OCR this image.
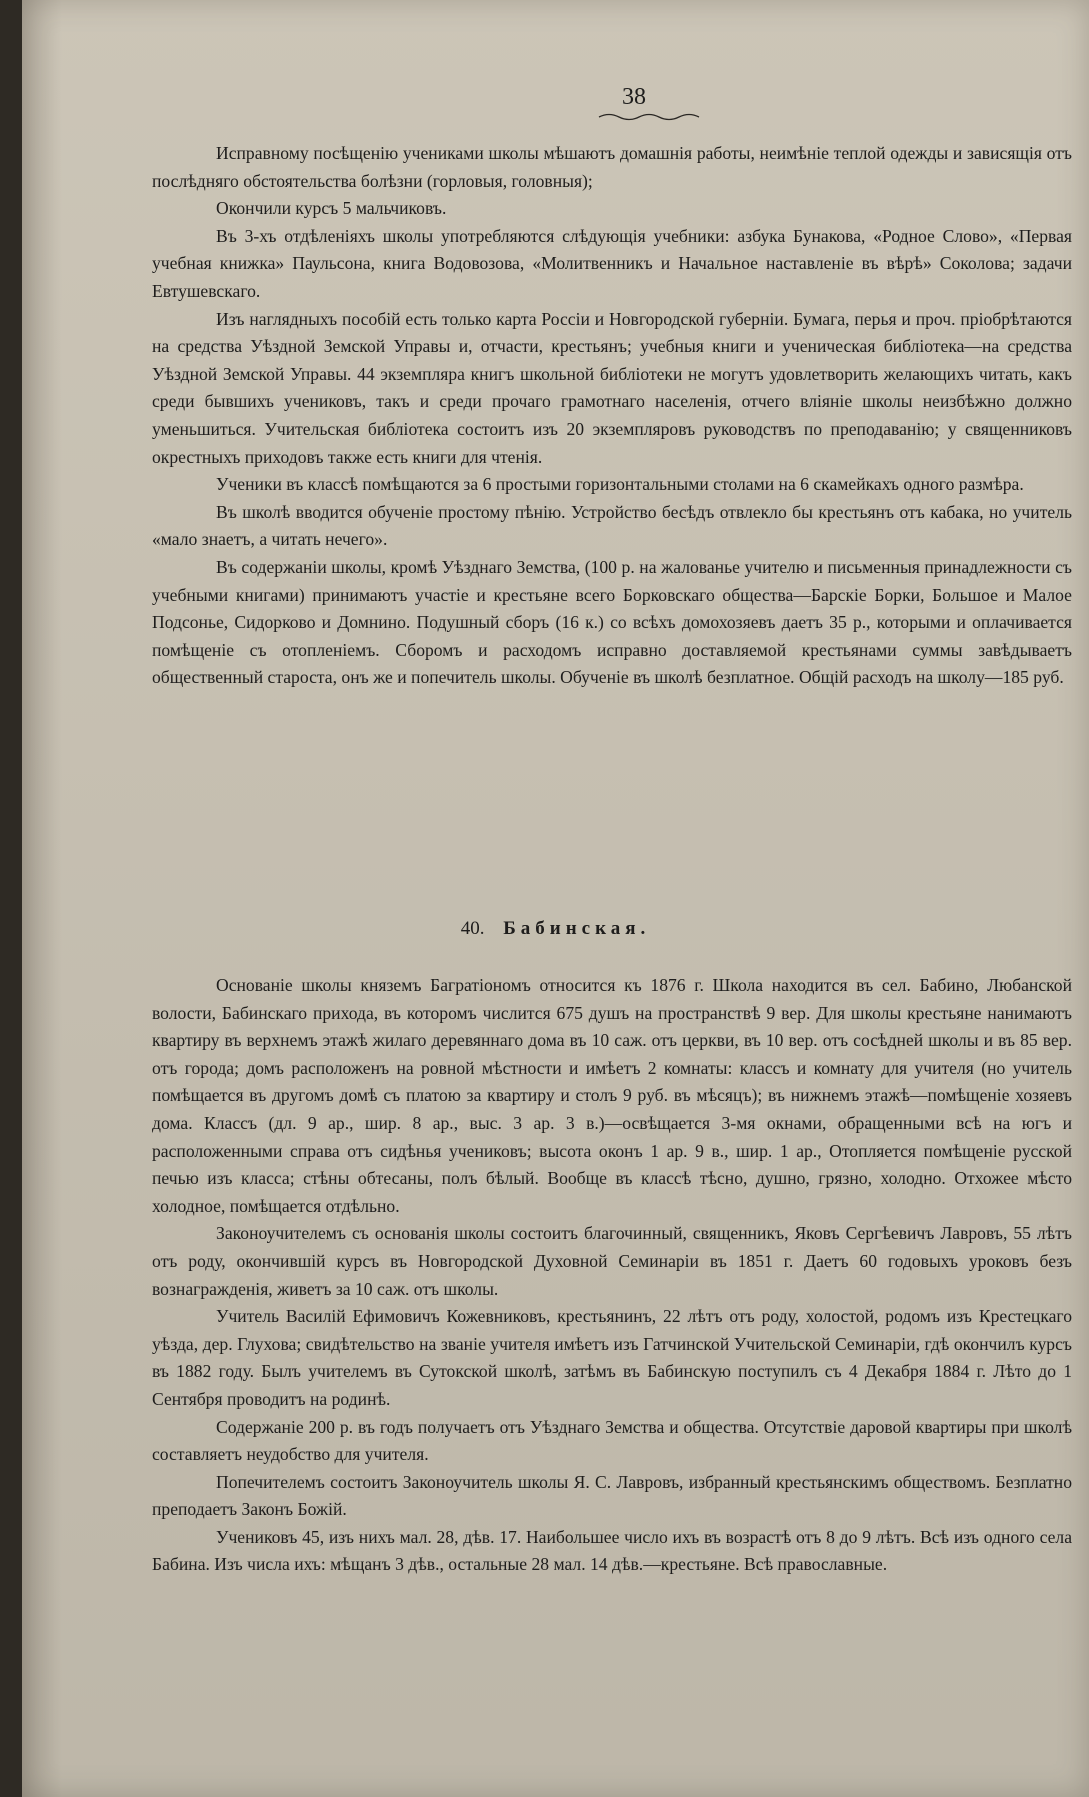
38

Исправному посѣщенію учениками школы мѣшаютъ домашнія работы, неимѣніе теплой одежды и зависящія отъ послѣдняго обстоятельства болѣзни (горловыя, головныя);

Окончили курсъ 5 мальчиковъ.

Въ 3-хъ отдѣленіяхъ школы употребляются слѣдующія учебники: азбука Бунакова, «Родное Слово», «Первая учебная книжка» Паульсона, книга Водовозова, «Молитвенникъ и Начальное наставленіе въ вѣрѣ» Соколова; задачи Евтушевскаго.

Изъ наглядныхъ пособій есть только карта Россіи и Новгородской губерніи. Бумага, перья и проч. пріобрѣтаются на средства Уѣздной Земской Управы и, отчасти, крестьянъ; учебныя книги и ученическая библіотека—на средства Уѣздной Земской Управы. 44 экземпляра книгъ школьной библіотеки не могутъ удовлетворить желающихъ читать, какъ среди бывшихъ учениковъ, такъ и среди прочаго грамотнаго населенія, отчего вліяніе школы неизбѣжно должно уменьшиться. Учительская библіотека состоитъ изъ 20 экземпляровъ руководствъ по преподаванію; у священниковъ окрестныхъ приходовъ также есть книги для чтенія.

Ученики въ классѣ помѣщаются за 6 простыми горизонтальными столами на 6 скамейкахъ одного размѣра.

Въ школѣ вводится обученіе простому пѣнію. Устройство бесѣдъ отвлекло бы крестьянъ отъ кабака, но учитель «мало знаетъ, а читать нечего».

Въ содержаніи школы, кромѣ Уѣзднаго Земства, (100 р. на жалованье учителю и письменныя принадлежности съ учебными книгами) принимаютъ участіе и крестьяне всего Борковскаго общества—Барскіе Борки, Большое и Малое Подсонье, Сидорково и Домнино. Подушный сборъ (16 к.) со всѣхъ домохозяевъ даетъ 35 р., которыми и оплачивается помѣщеніе съ отопленіемъ. Сборомъ и расходомъ исправно доставляемой крестьянами суммы завѣдываетъ общественный староста, онъ же и попечитель школы. Обученіе въ школѣ безплатное. Общій расходъ на школу—185 руб.

40. Бабинская.

Основаніе школы княземъ Багратіономъ относится къ 1876 г. Школа находится въ сел. Бабино, Любанской волости, Бабинскаго прихода, въ которомъ числится 675 душъ на пространствѣ 9 вер. Для школы крестьяне нанимаютъ квартиру въ верхнемъ этажѣ жилаго деревяннаго дома въ 10 саж. отъ церкви, въ 10 вер. отъ сосѣдней школы и въ 85 вер. отъ города; домъ расположенъ на ровной мѣстности и имѣетъ 2 комнаты: классъ и комнату для учителя (но учитель помѣщается въ другомъ домѣ съ платою за квартиру и столъ 9 руб. въ мѣсяцъ); въ нижнемъ этажѣ—помѣщеніе хозяевъ дома. Классъ (дл. 9 ар., шир. 8 ар., выс. 3 ар. 3 в.)—освѣщается 3-мя окнами, обращенными всѣ на югъ и расположенными справа отъ сидѣнья учениковъ; высота оконъ 1 ар. 9 в., шир. 1 ар., Отопляется помѣщеніе русской печью изъ класса; стѣны обтесаны, полъ бѣлый. Вообще въ классѣ тѣсно, душно, грязно, холодно. Отхожее мѣсто холодное, помѣщается отдѣльно.

Законоучителемъ съ основанія школы состоитъ благочинный, священникъ, Яковъ Сергѣевичъ Лавровъ, 55 лѣтъ отъ роду, окончившій курсъ въ Новгородской Духовной Семинаріи въ 1851 г. Даетъ 60 годовыхъ уроковъ безъ вознагражденія, живетъ за 10 саж. отъ школы.

Учитель Василій Ефимовичъ Кожевниковъ, крестьянинъ, 22 лѣтъ отъ роду, холостой, родомъ изъ Крестецкаго уѣзда, дер. Глухова; свидѣтельство на званіе учителя имѣетъ изъ Гатчинской Учительской Семинаріи, гдѣ окончилъ курсъ въ 1882 году. Былъ учителемъ въ Сутокской школѣ, затѣмъ въ Бабинскую поступилъ съ 4 Декабря 1884 г. Лѣто до 1 Сентября проводитъ на родинѣ.

Содержаніе 200 р. въ годъ получаетъ отъ Уѣзднаго Земства и общества. Отсутствіе даровой квартиры при школѣ составляетъ неудобство для учителя.

Попечителемъ состоитъ Законоучитель школы Я. С. Лавровъ, избранный крестьянскимъ обществомъ. Безплатно преподаетъ Законъ Божій.

Учениковъ 45, изъ нихъ мал. 28, дѣв. 17. Наибольшее число ихъ въ возрастѣ отъ 8 до 9 лѣтъ. Всѣ изъ одного села Бабина. Изъ числа ихъ: мѣщанъ 3 дѣв., остальные 28 мал. 14 дѣв.—крестьяне. Всѣ православные.
